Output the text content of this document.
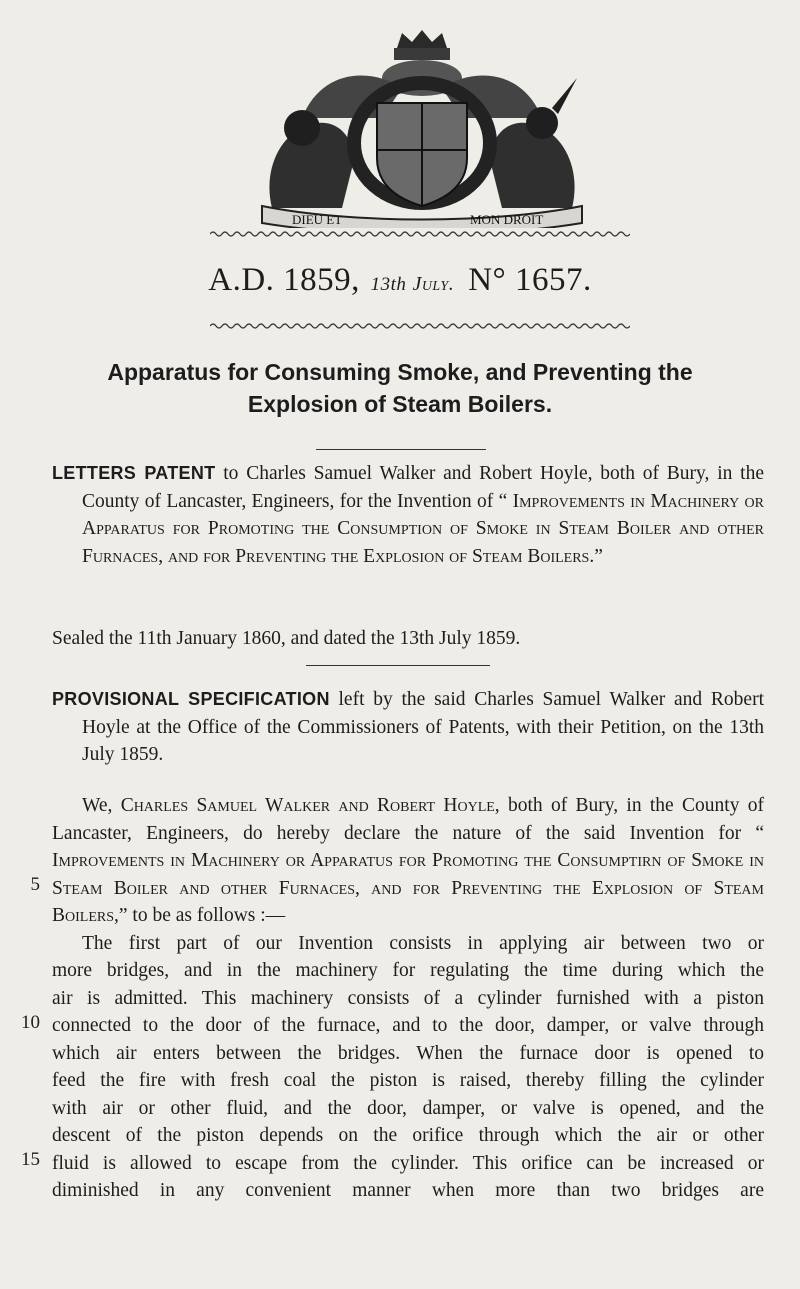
DIEU ET	MON DROIT
A.D. 1859, 13th July. N° 1657.
Apparatus for Consuming Smoke, and Preventing the
Explosion of Steam Boilers.

LETTERS PATENT to Charles Samuel Walker and Robert Hoyle, both of Bury, in the County of Lancaster, Engineers, for the Invention of “ Improvements in Machinery or Apparatus for Promoting the Consumption of Smoke in Steam Boiler and other Furnaces, and for Preventing the Explosion of Steam Boilers.”

Sealed the 11th January 1860, and dated the 13th July 1859.

PROVISIONAL SPECIFICATION left by the said Charles Samuel Walker and Robert Hoyle at the Office of the Commissioners of Patents, with their Petition, on the 13th July 1859.

We, Charles Samuel Walker and Robert Hoyle, both of Bury, in the County of Lancaster, Engineers, do hereby declare the nature of the said Invention for “ Improvements in Machinery or Apparatus for Promoting the Consumptirn of Smoke in Steam Boiler and other Furnaces, and for Preventing the Explosion of Steam Boilers,” to be as follows :—

The first part of our Invention consists in applying air between two or

more bridges, and in the machinery for regulating the time during which the

air is admitted. This machinery consists of a cylinder furnished with a piston

connected to the door of the furnace, and to the door, damper, or valve through

which air enters between the bridges. When the furnace door is opened to

feed the fire with fresh coal the piston is raised, thereby filling the cylinder

with air or other fluid, and the door, damper, or valve is opened, and the

descent of the piston depends on the orifice through which the air or other

fluid is allowed to escape from the cylinder. This orifice can be increased or

diminished in any convenient manner when more than two bridges are

5
10
15
